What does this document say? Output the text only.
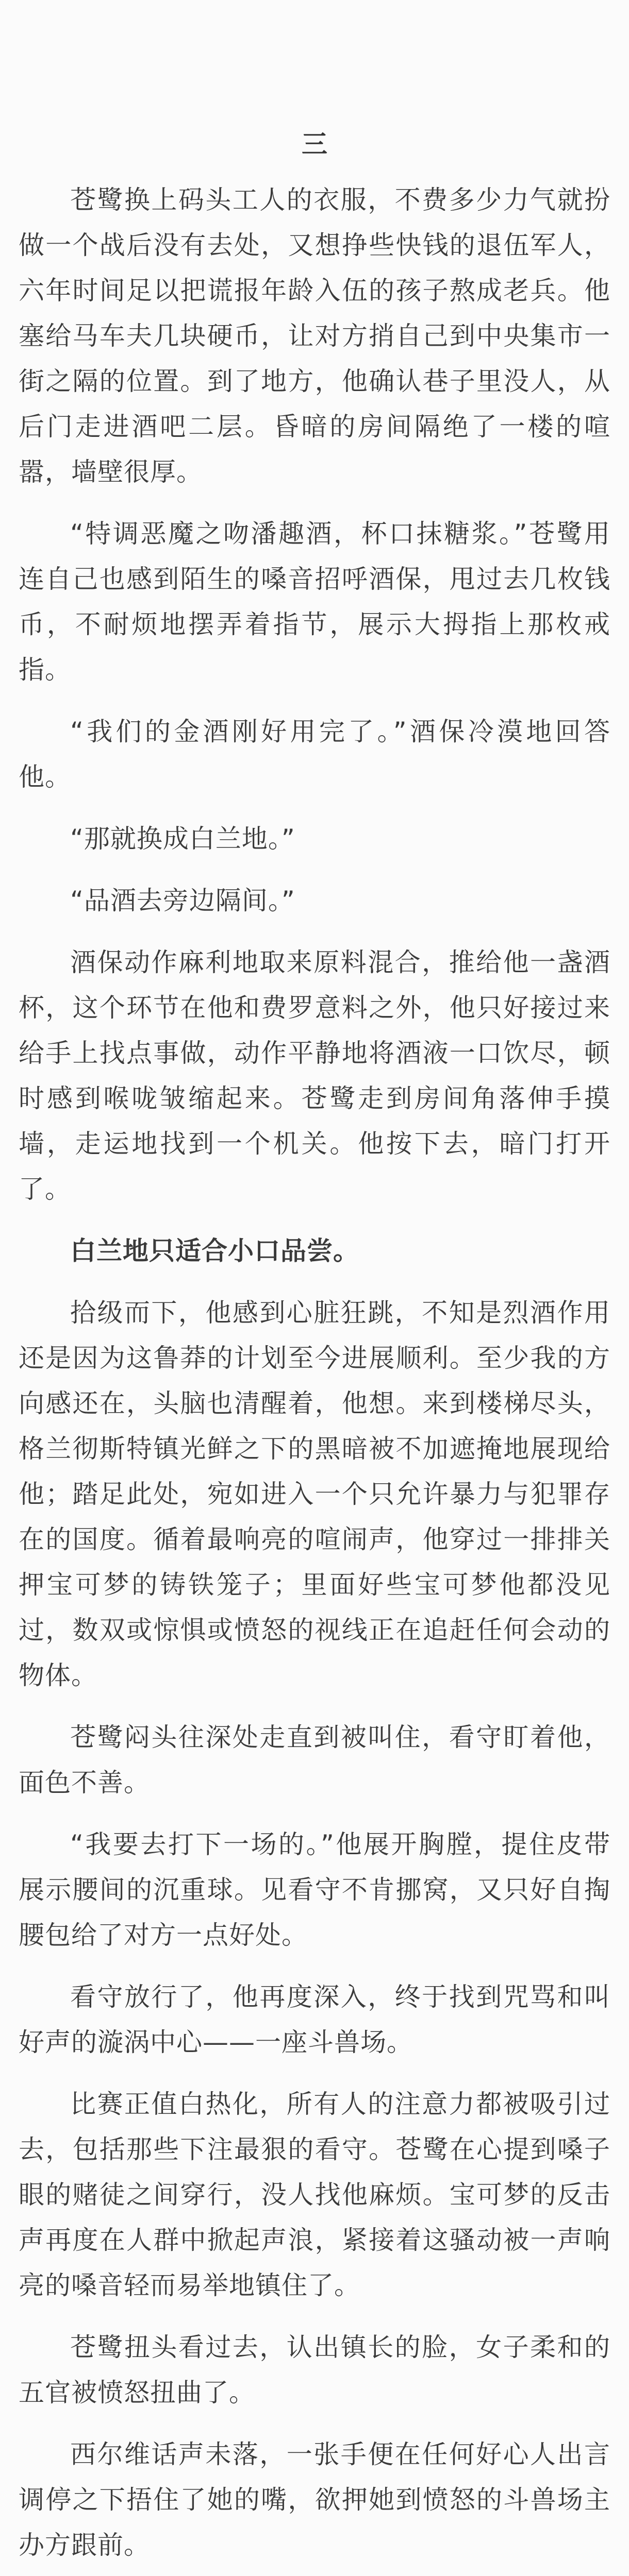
三

苍鹭换上码头工人的衣服，不费多少力气就扮做一个战后没有去处，又想挣些快钱的退伍军人，六年时间足以把谎报年龄入伍的孩子熬成老兵。他塞给马车夫几块硬币，让对方捎自己到中央集市一街之隔的位置。到了地方，他确认巷子里没人，从后门走进酒吧二层。昏暗的房间隔绝了一楼的喧嚣，墙壁很厚。

“特调恶魔之吻潘趣酒，杯口抹糖浆。”苍鹭用连自己也感到陌生的嗓音招呼酒保，甩过去几枚钱币，不耐烦地摆弄着指节，展示大拇指上那枚戒指。

“我们的金酒刚好用完了。”酒保冷漠地回答他。

“那就换成白兰地。”

“品酒去旁边隔间。”

酒保动作麻利地取来原料混合，推给他一盏酒杯，这个环节在他和费罗意料之外，他只好接过来给手上找点事做，动作平静地将酒液一口饮尽，顿时感到喉咙皱缩起来。苍鹭走到房间角落伸手摸墙，走运地找到一个机关。他按下去，暗门打开了。

白兰地只适合小口品尝。

拾级而下，他感到心脏狂跳，不知是烈酒作用还是因为这鲁莽的计划至今进展顺利。至少我的方向感还在，头脑也清醒着，他想。来到楼梯尽头，格兰彻斯特镇光鲜之下的黑暗被不加遮掩地展现给他；踏足此处，宛如进入一个只允许暴力与犯罪存在的国度。循着最响亮的喧闹声，他穿过一排排关押宝可梦的铸铁笼子；里面好些宝可梦他都没见过，数双或惊惧或愤怒的视线正在追赶任何会动的物体。

苍鹭闷头往深处走直到被叫住，看守盯着他，面色不善。

“我要去打下一场的。”他展开胸膛，提住皮带展示腰间的沉重球。见看守不肯挪窝，又只好自掏腰包给了对方一点好处。

看守放行了，他再度深入，终于找到咒骂和叫好声的漩涡中心——一座斗兽场。

比赛正值白热化，所有人的注意力都被吸引过去，包括那些下注最狠的看守。苍鹭在心提到嗓子眼的赌徒之间穿行，没人找他麻烦。宝可梦的反击声再度在人群中掀起声浪，紧接着这骚动被一声响亮的嗓音轻而易举地镇住了。

苍鹭扭头看过去，认出镇长的脸，女子柔和的五官被愤怒扭曲了。

西尔维话声未落，一张手便在任何好心人出言调停之下捂住了她的嘴，欲押她到愤怒的斗兽场主办方跟前。
